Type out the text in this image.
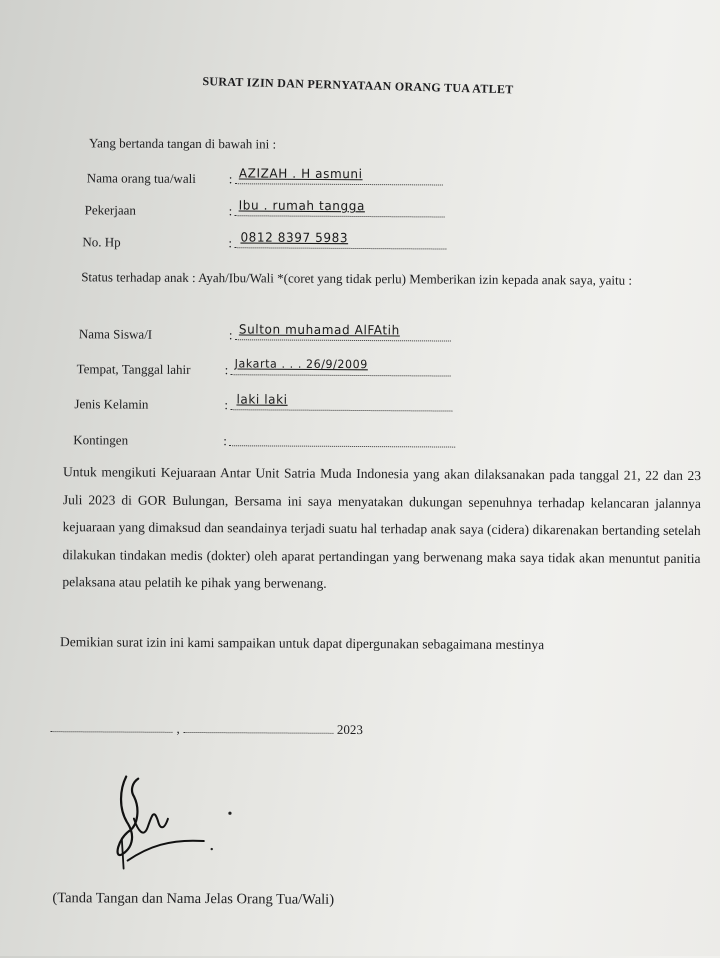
SURAT IZIN DAN PERNYATAAN ORANG TUA ATLET
Yang bertanda tangan di bawah ini :
Nama orang tua/wali	: AZIZAH . H asmuni
Pekerjaan	: Ibu . rumah tangga
No. Hp	: 0812 8397 5983
Status terhadap anak : Ayah/Ibu/Wali *(coret yang tidak perlu) Memberikan izin kepada anak saya, yaitu :
Nama Siswa/I	: Sulton muhamad AlFAtih
Tempat, Tanggal lahir	: Jakarta . . . 26/9/2009
Jenis Kelamin	: laki laki
Kontingen	:
Untuk mengikuti Kejuaraan Antar Unit Satria Muda Indonesia yang akan dilaksanakan pada tanggal 21, 22 dan 23 Juli 2023 di GOR Bulungan, Bersama ini saya menyatakan dukungan sepenuhnya terhadap kelancaran jalannya kejuaraan yang dimaksud dan seandainya terjadi suatu hal terhadap anak saya (cidera) dikarenakan bertanding setelah dilakukan tindakan medis (dokter) oleh aparat pertandingan yang berwenang maka saya tidak akan menuntut panitia pelaksana atau pelatih ke pihak yang berwenang.
Demikian surat izin ini kami sampaikan untuk dapat dipergunakan sebagaimana mestinya
,	2023
(Tanda Tangan dan Nama Jelas Orang Tua/Wali)
